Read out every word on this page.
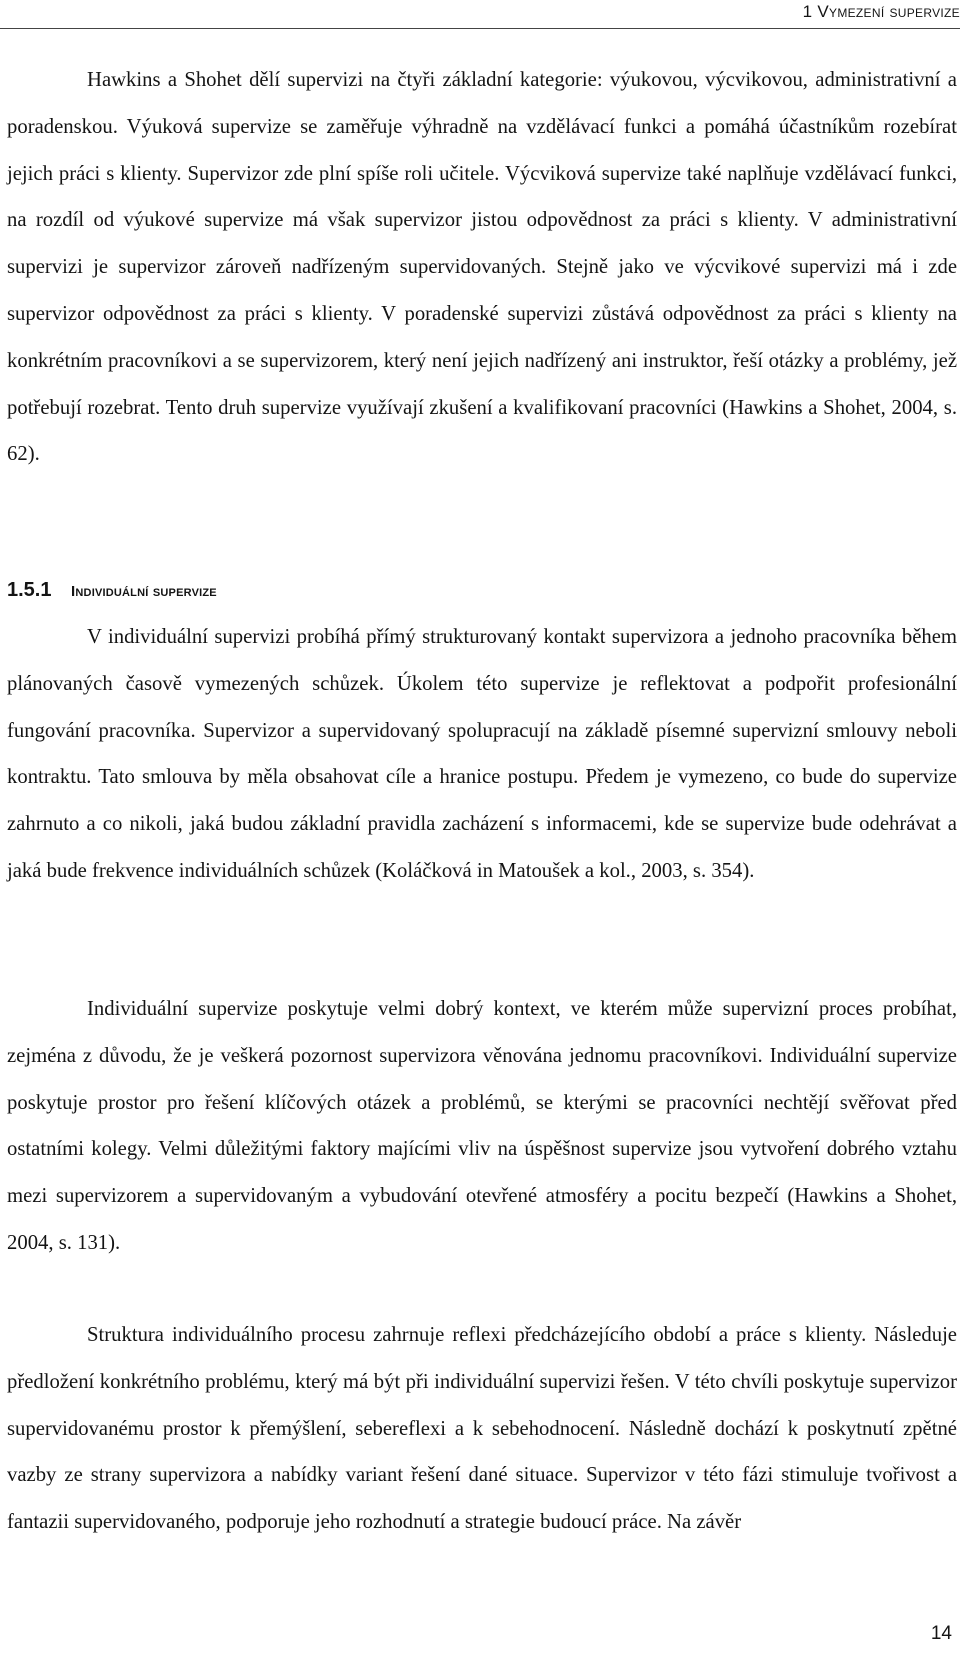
1 Vymezení supervize

Hawkins a Shohet dělí supervizi na čtyři základní kategorie: výukovou, výcvikovou, administrativní a poradenskou. Výuková supervize se zaměřuje výhradně na vzdělávací funkci a pomáhá účastníkům rozebírat jejich práci s klienty. Supervizor zde plní spíše roli učitele. Výcviková supervize také naplňuje vzdělávací funkci, na rozdíl od výukové supervize má však supervizor jistou odpovědnost za práci s klienty. V administrativní supervizi je supervizor zároveň nadřízeným supervidovaných. Stejně jako ve výcvikové supervizi má i zde supervizor odpovědnost za práci s klienty. V poradenské supervizi zůstává odpovědnost za práci s klienty na konkrétním pracovníkovi a se supervizorem, který není jejich nadřízený ani instruktor, řeší otázky a problémy, jež potřebují rozebrat. Tento druh supervize využívají zkušení a kvalifikovaní pracovníci (Hawkins a Shohet, 2004, s. 62).

1.5.1 Individuální supervize

V individuální supervizi probíhá přímý strukturovaný kontakt supervizora a jednoho pracovníka během plánovaných časově vymezených schůzek. Úkolem této supervize je reflektovat a podpořit profesionální fungování pracovníka. Supervizor a supervidovaný spolupracují na základě písemné supervizní smlouvy neboli kontraktu. Tato smlouva by měla obsahovat cíle a hranice postupu. Předem je vymezeno, co bude do supervize zahrnuto a co nikoli, jaká budou základní pravidla zacházení s informacemi, kde se supervize bude odehrávat a jaká bude frekvence individuálních schůzek (Koláčková in Matoušek a kol., 2003, s. 354).

Individuální supervize poskytuje velmi dobrý kontext, ve kterém může supervizní proces probíhat, zejména z důvodu, že je veškerá pozornost supervizora věnována jednomu pracovníkovi. Individuální supervize poskytuje prostor pro řešení klíčových otázek a problémů, se kterými se pracovníci nechtějí svěřovat před ostatními kolegy. Velmi důležitými faktory majícími vliv na úspěšnost supervize jsou vytvoření dobrého vztahu mezi supervizorem a supervidovaným a vybudování otevřené atmosféry a pocitu bezpečí (Hawkins a Shohet, 2004, s. 131).

Struktura individuálního procesu zahrnuje reflexi předcházejícího období a práce s klienty. Následuje předložení konkrétního problému, který má být při individuální supervizi řešen. V této chvíli poskytuje supervizor supervidovanému prostor k přemýšlení, sebereflexi a k sebehodnocení. Následně dochází k poskytnutí zpětné vazby ze strany supervizora a nabídky variant řešení dané situace. Supervizor v této fázi stimuluje tvořivost a fantazii supervidovaného, podporuje jeho rozhodnutí a strategie budoucí práce. Na závěr

14
